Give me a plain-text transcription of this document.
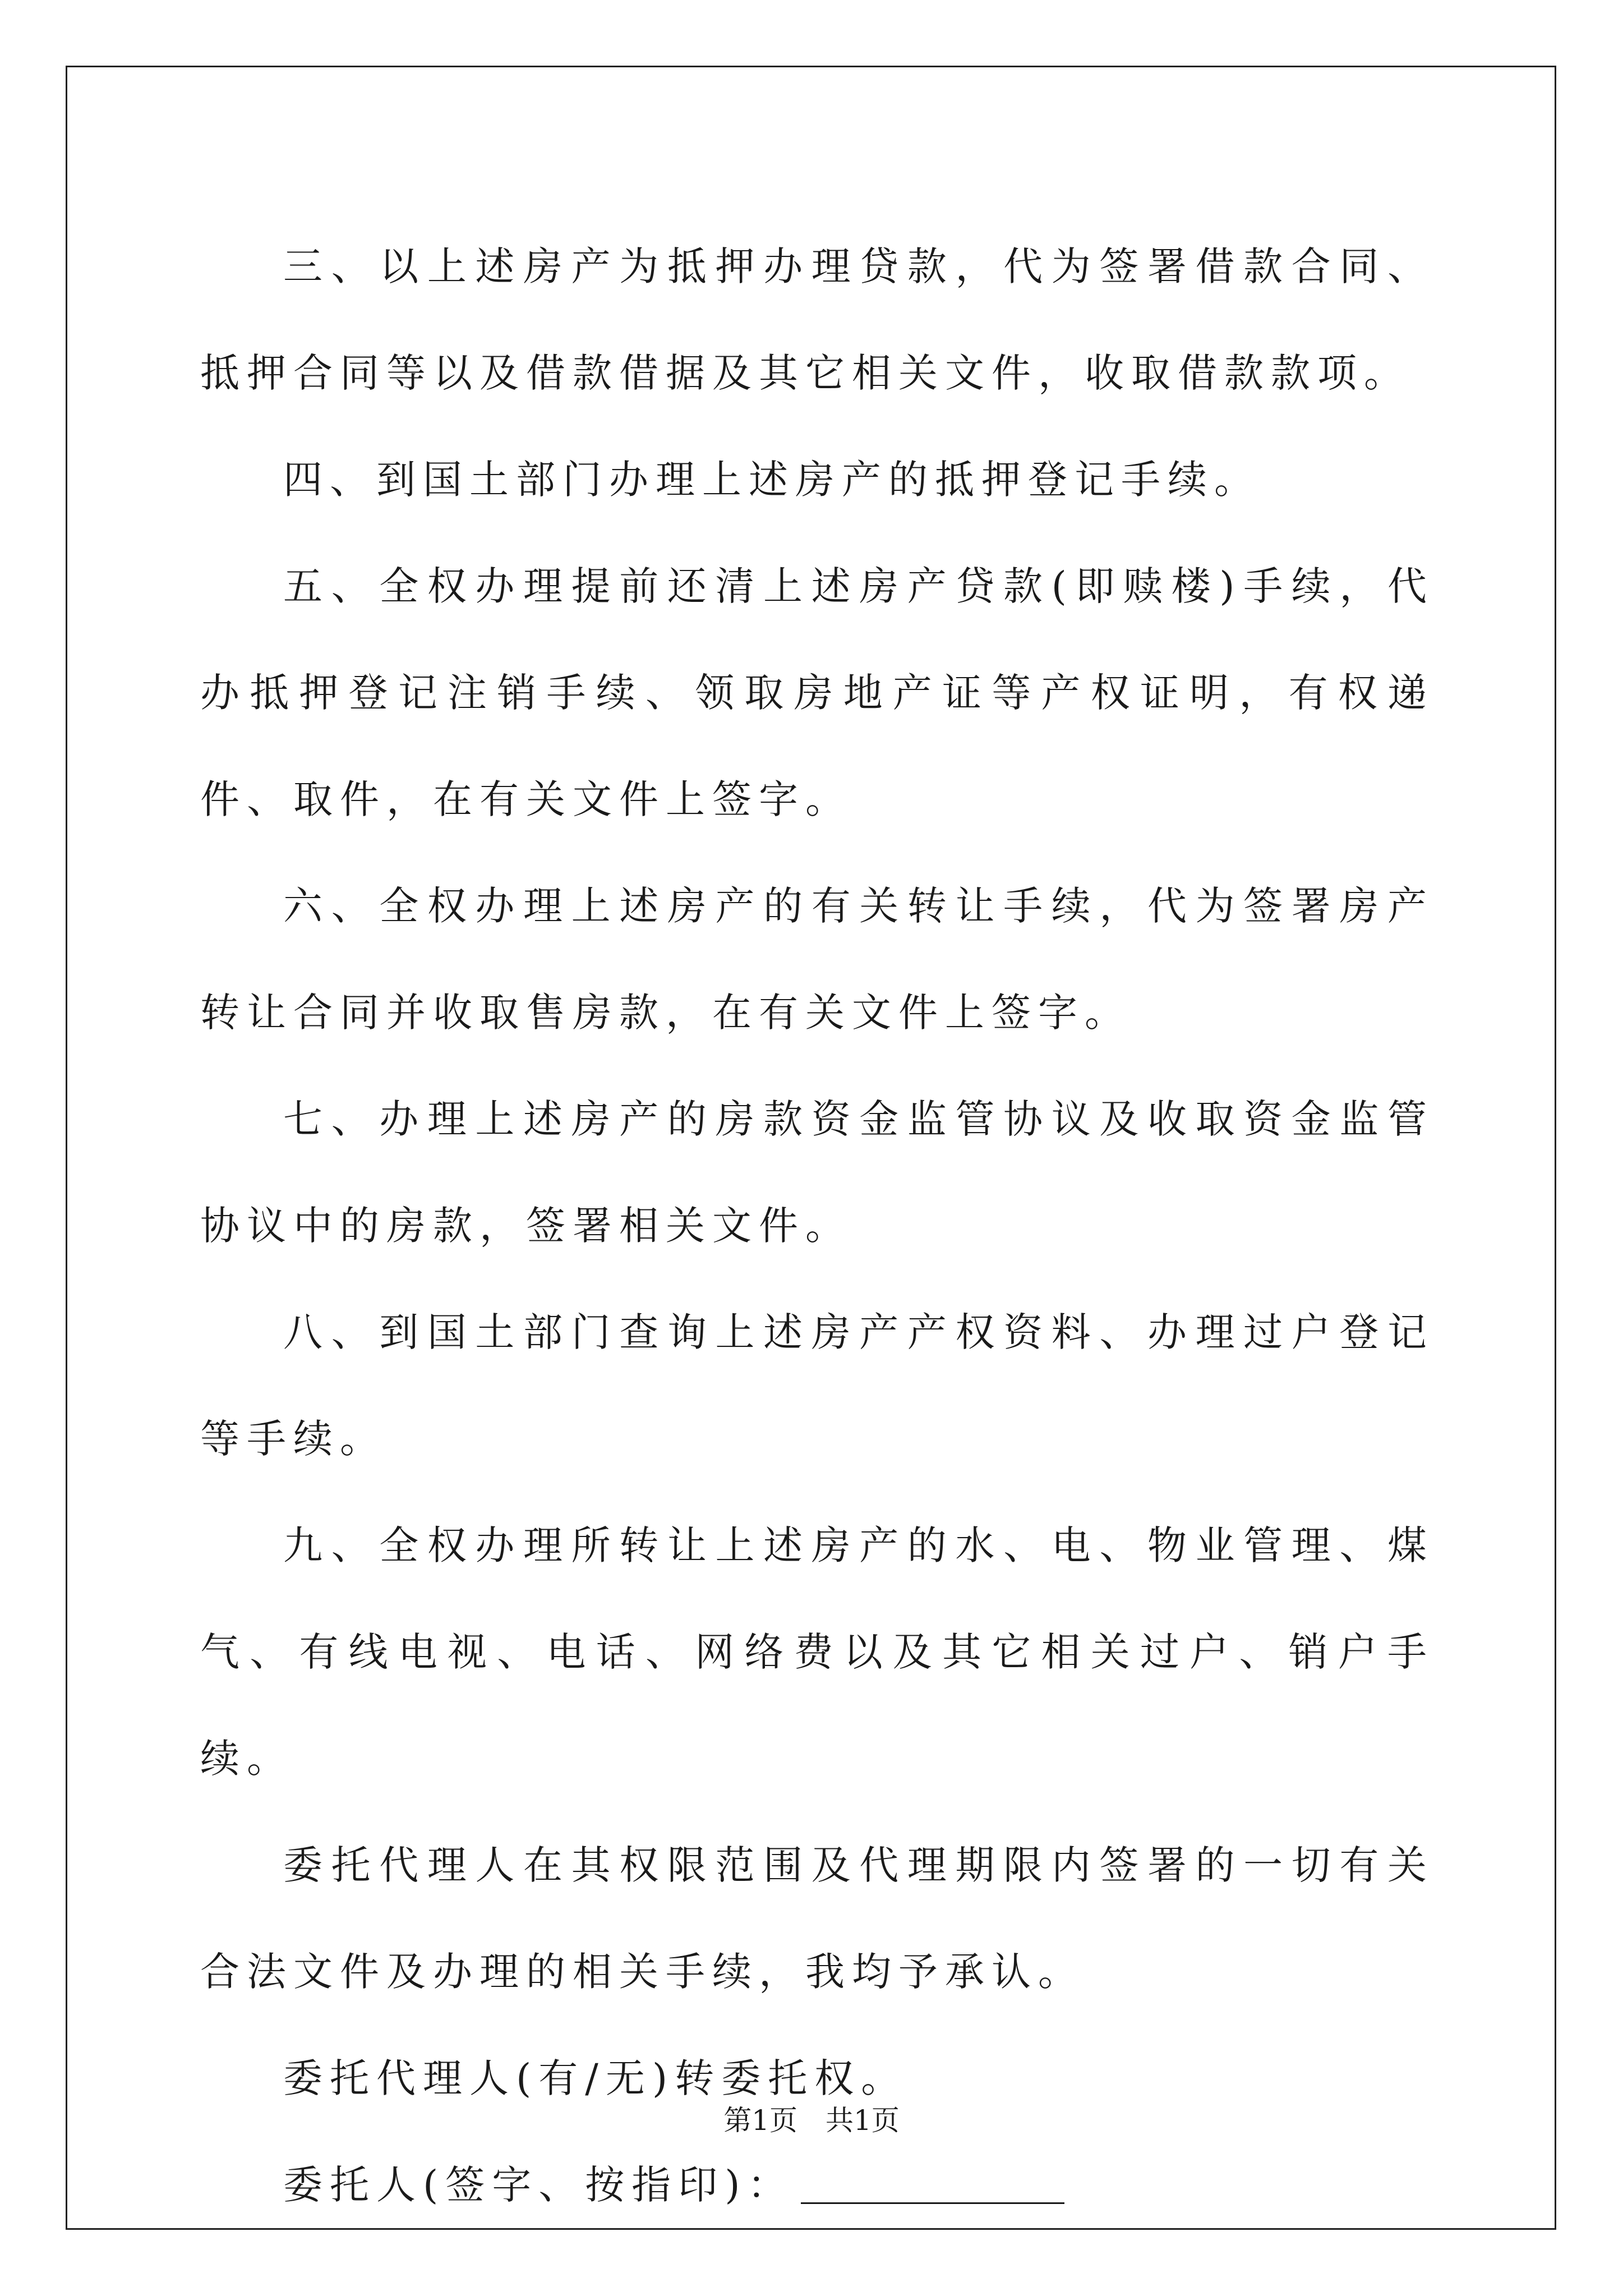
三、以上述房产为抵押办理贷款，代为签署借款合同、抵押合同等以及借款借据及其它相关文件，收取借款款项。

四、到国土部门办理上述房产的抵押登记手续。

五、全权办理提前还清上述房产贷款(即赎楼)手续，代办抵押登记注销手续、领取房地产证等产权证明，有权递件、取件，在有关文件上签字。

六、全权办理上述房产的有关转让手续，代为签署房产转让合同并收取售房款，在有关文件上签字。

七、办理上述房产的房款资金监管协议及收取资金监管协议中的房款，签署相关文件。

八、到国土部门查询上述房产产权资料、办理过户登记等手续。

九、全权办理所转让上述房产的水、电、物业管理、煤气、有线电视、电话、网络费以及其它相关过户、销户手续。

委托代理人在其权限范围及代理期限内签署的一切有关合法文件及办理的相关手续，我均予承认。

委托代理人(有/无)转委托权。

委托人(签字、按指印)：

第1页 共1页
